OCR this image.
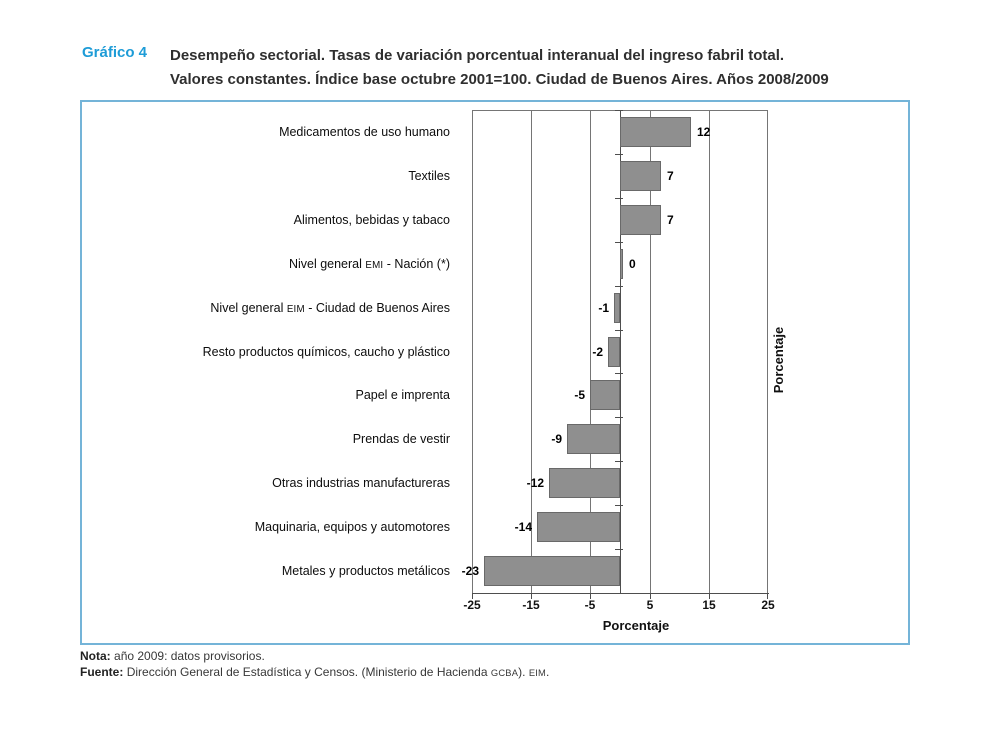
Gráfico 4 Desempeño sectorial. Tasas de variación porcentual interanual del ingreso fabril total.
Valores constantes. Índice base octubre 2001=100. Ciudad de Buenos Aires. Años 2008/2009
12
7
7
0
-1
-2
-5
-9
-12
-14
-23
-25	-15	-5	5	15	25
Porcentaje
Porcentaje
Nota: año 2009: datos provisorios.
Fuente: Dirección General de Estadística y Censos. (Ministerio de Hacienda GCBA). EIM.
Medicamentos de uso humano
Textiles
Alimentos, bebidas y tabaco
Nivel general EMI - Nación (*)
Nivel general EIM - Ciudad de Buenos Aires
Resto productos químicos, caucho y plástico
Papel e imprenta
Prendas de vestir
Otras industrias manufactureras
Maquinaria, equipos y automotores
Metales y productos metálicos
